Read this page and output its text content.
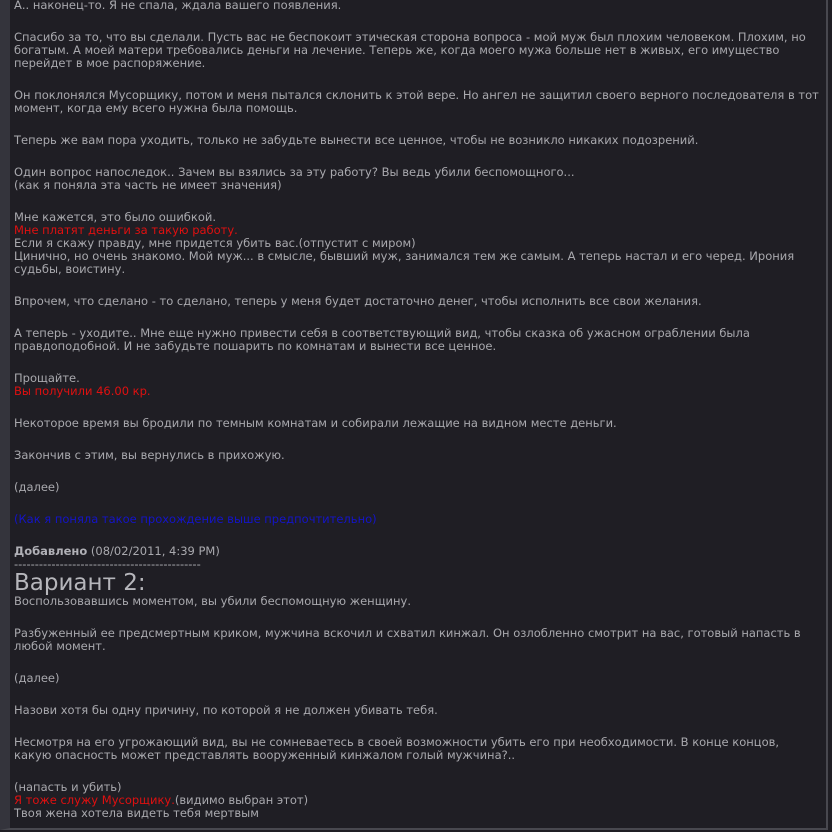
А.. наконец-то. Я не спала, ждала вашего появления.

Спасибо за то, что вы сделали. Пусть вас не беспокоит этическая сторона вопроса - мой муж был плохим человеком. Плохим, но богатым. А моей матери требовались деньги на лечение. Теперь же, когда моего мужа больше нет в живых, его имущество перейдет в мое распоряжение.

Он поклонялся Мусорщику, потом и меня пытался склонить к этой вере. Но ангел не защитил своего верного последователя в тот момент, когда ему всего нужна была помощь.

Теперь же вам пора уходить, только не забудьте вынести все ценное, чтобы не возникло никаких подозрений.

Один вопрос напоследок.. Зачем вы взялись за эту работу? Вы ведь убили беспомощного...

(как я поняла эта часть не имеет значения)

Мне кажется, это было ошибкой.

Мне платят деньги за такую работу.

Если я скажу правду, мне придется убить вас.(отпустит с миром)

Цинично, но очень знакомо. Мой муж... в смысле, бывший муж, занимался тем же самым. А теперь настал и его черед. Ирония судьбы, воистину.

Впрочем, что сделано - то сделано, теперь у меня будет достаточно денег, чтобы исполнить все свои желания.

А теперь - уходите.. Мне еще нужно привести себя в соответствующий вид, чтобы сказка об ужасном ограблении была правдоподобной. И не забудьте пошарить по комнатам и вынести все ценное.

Прощайте.

Вы получили 46.00 кр.

Некоторое время вы бродили по темным комнатам и собирали лежащие на видном месте деньги.

Закончив с этим, вы вернулись в прихожую.

(далее)

(Как я поняла такое прохождение выше предпочтительно)

Добавлено (08/02/2011, 4:39 PM)

---------------------------------------------

Вариант 2:

Воспользовавшись моментом, вы убили беспомощную женщину.

Разбуженный ее предсмертным криком, мужчина вскочил и схватил кинжал. Он озлобленно смотрит на вас, готовый напасть в любой момент.

(далее)

Назови хотя бы одну причину, по которой я не должен убивать тебя.

Несмотря на его угрожающий вид, вы не сомневаетесь в своей возможности убить его при необходимости. В конце концов, какую опасность может представлять вооруженный кинжалом голый мужчина?..

(напасть и убить)

Я тоже служу Мусорщику.(видимо выбран этот)

Твоя жена хотела видеть тебя мертвым
